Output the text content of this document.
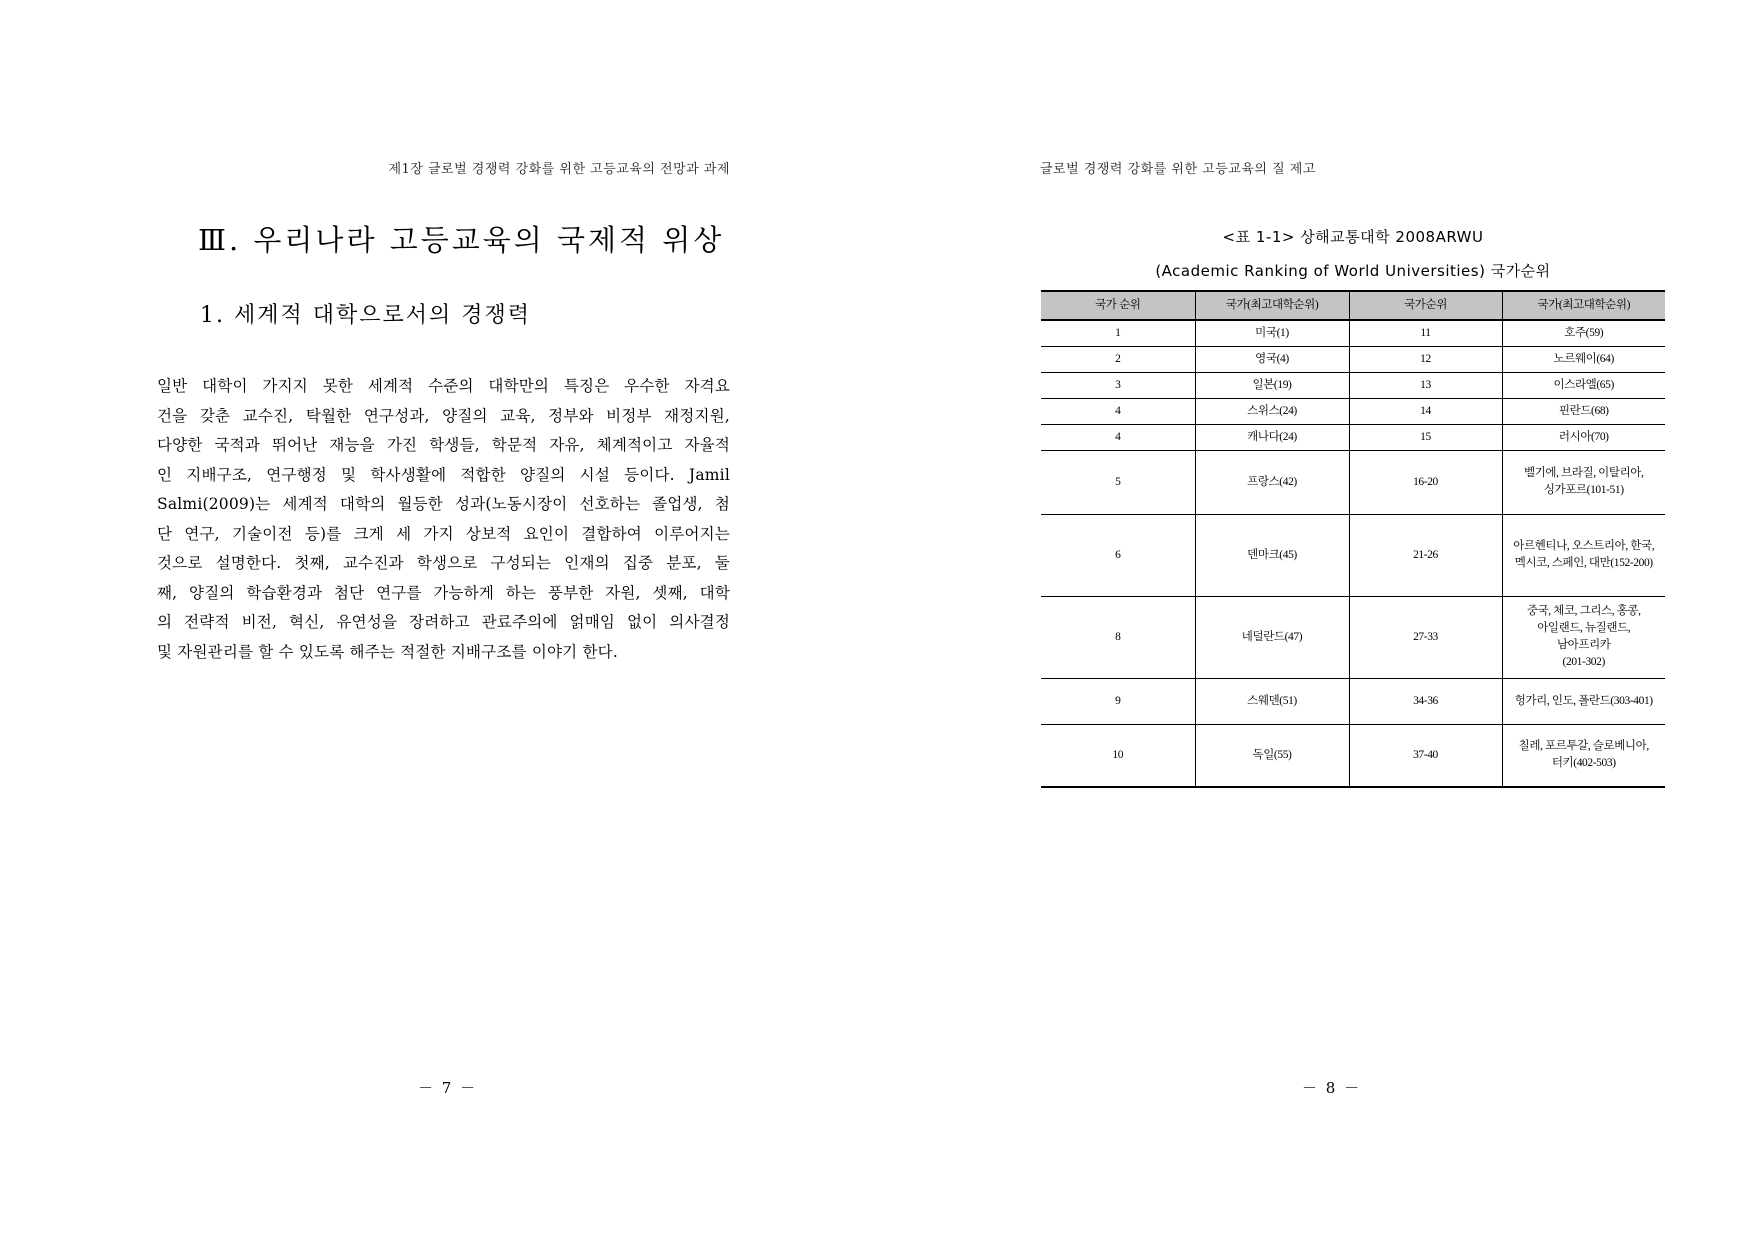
제1장 글로벌 경쟁력 강화를 위한 고등교육의 전망과 과제
Ⅲ. 우리나라 고등교육의 국제적 위상
1. 세계적 대학으로서의 경쟁력
일반 대학이 가지지 못한 세계적 수준의 대학만의 특징은 우수한 자격요
건을 갖춘 교수진, 탁월한 연구성과, 양질의 교육, 정부와 비정부 재정지원,
다양한 국적과 뛰어난 재능을 가진 학생들, 학문적 자유, 체계적이고 자율적
인 지배구조, 연구행정 및 학사생활에 적합한 양질의 시설 등이다. Jamil
Salmi(2009)는 세계적 대학의 월등한 성과(노동시장이 선호하는 졸업생, 첨
단 연구, 기술이전 등)를 크게 세 가지 상보적 요인이 결합하여 이루어지는
것으로 설명한다. 첫째, 교수진과 학생으로 구성되는 인재의 집중 분포, 둘
째, 양질의 학습환경과 첨단 연구를 가능하게 하는 풍부한 자원, 셋째, 대학
의 전략적 비전, 혁신, 유연성을 장려하고 관료주의에 얽매임 없이 의사결정
및 자원관리를 할 수 있도록 해주는 적절한 지배구조를 이야기 한다.
－ 7 －
글로벌 경쟁력 강화를 위한 고등교육의 질 제고
<표 1-1> 상해교통대학 2008ARWU
(Academic Ranking of World Universities) 국가순위
국가 순위	국가(최고대학순위)	국가순위	국가(최고대학순위)
1	미국(1)	11	호주(59)
2	영국(4)	12	노르웨이(64)
3	일본(19)	13	이스라엘(65)
4	스위스(24)	14	핀란드(68)
4	캐나다(24)	15	러시아(70)
5	프랑스(42)	16-20	벨기에, 브라질, 이탈리아,
싱가포르(101-51)
6	덴마크(45)	21-26	아르헨티나, 오스트리아, 한국,
멕시코, 스페인, 대만(152-200)
8	네덜란드(47)	27-33	중국, 체코, 그리스, 홍콩,
아일랜드, 뉴질랜드,
남아프리카
(201-302)
9	스웨덴(51)	34-36	헝가리, 인도, 폴란드(303-401)
10	독일(55)	37-40	칠레, 포르투갈, 슬로베니아,
터키(402-503)
－ 8 －
